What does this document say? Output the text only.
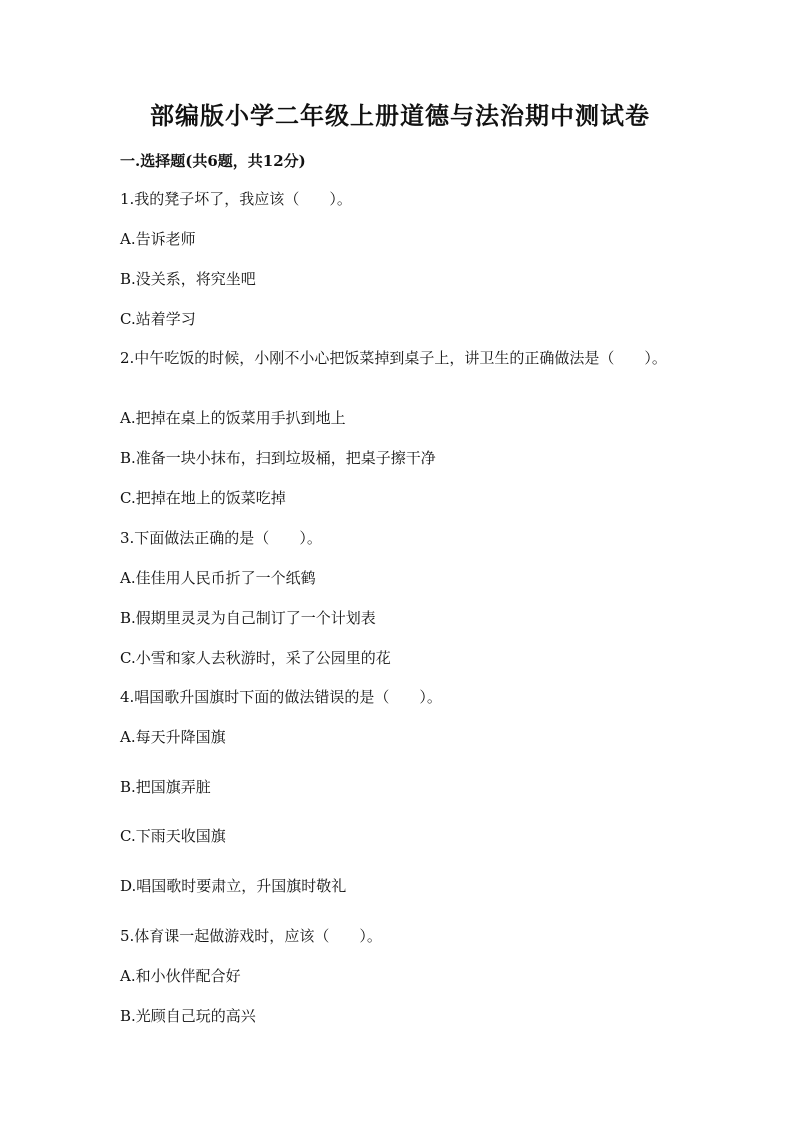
部编版小学二年级上册道德与法治期中测试卷
一.选择题(共6题，共12分)
1.我的凳子坏了，我应该（　　）。
A.告诉老师
B.没关系，将究坐吧
C.站着学习
2.中午吃饭的时候，小刚不小心把饭菜掉到桌子上，讲卫生的正确做法是（　　）。
A.把掉在桌上的饭菜用手扒到地上
B.准备一块小抹布，扫到垃圾桶，把桌子擦干净
C.把掉在地上的饭菜吃掉
3.下面做法正确的是（　　）。
A.佳佳用人民币折了一个纸鹤
B.假期里灵灵为自己制订了一个计划表
C.小雪和家人去秋游时，采了公园里的花
4.唱国歌升国旗时下面的做法错误的是（　　）。
A.每天升降国旗
B.把国旗弄脏
C.下雨天收国旗
D.唱国歌时要肃立，升国旗时敬礼
5.体育课一起做游戏时，应该（　　）。
A.和小伙伴配合好
B.光顾自己玩的高兴
